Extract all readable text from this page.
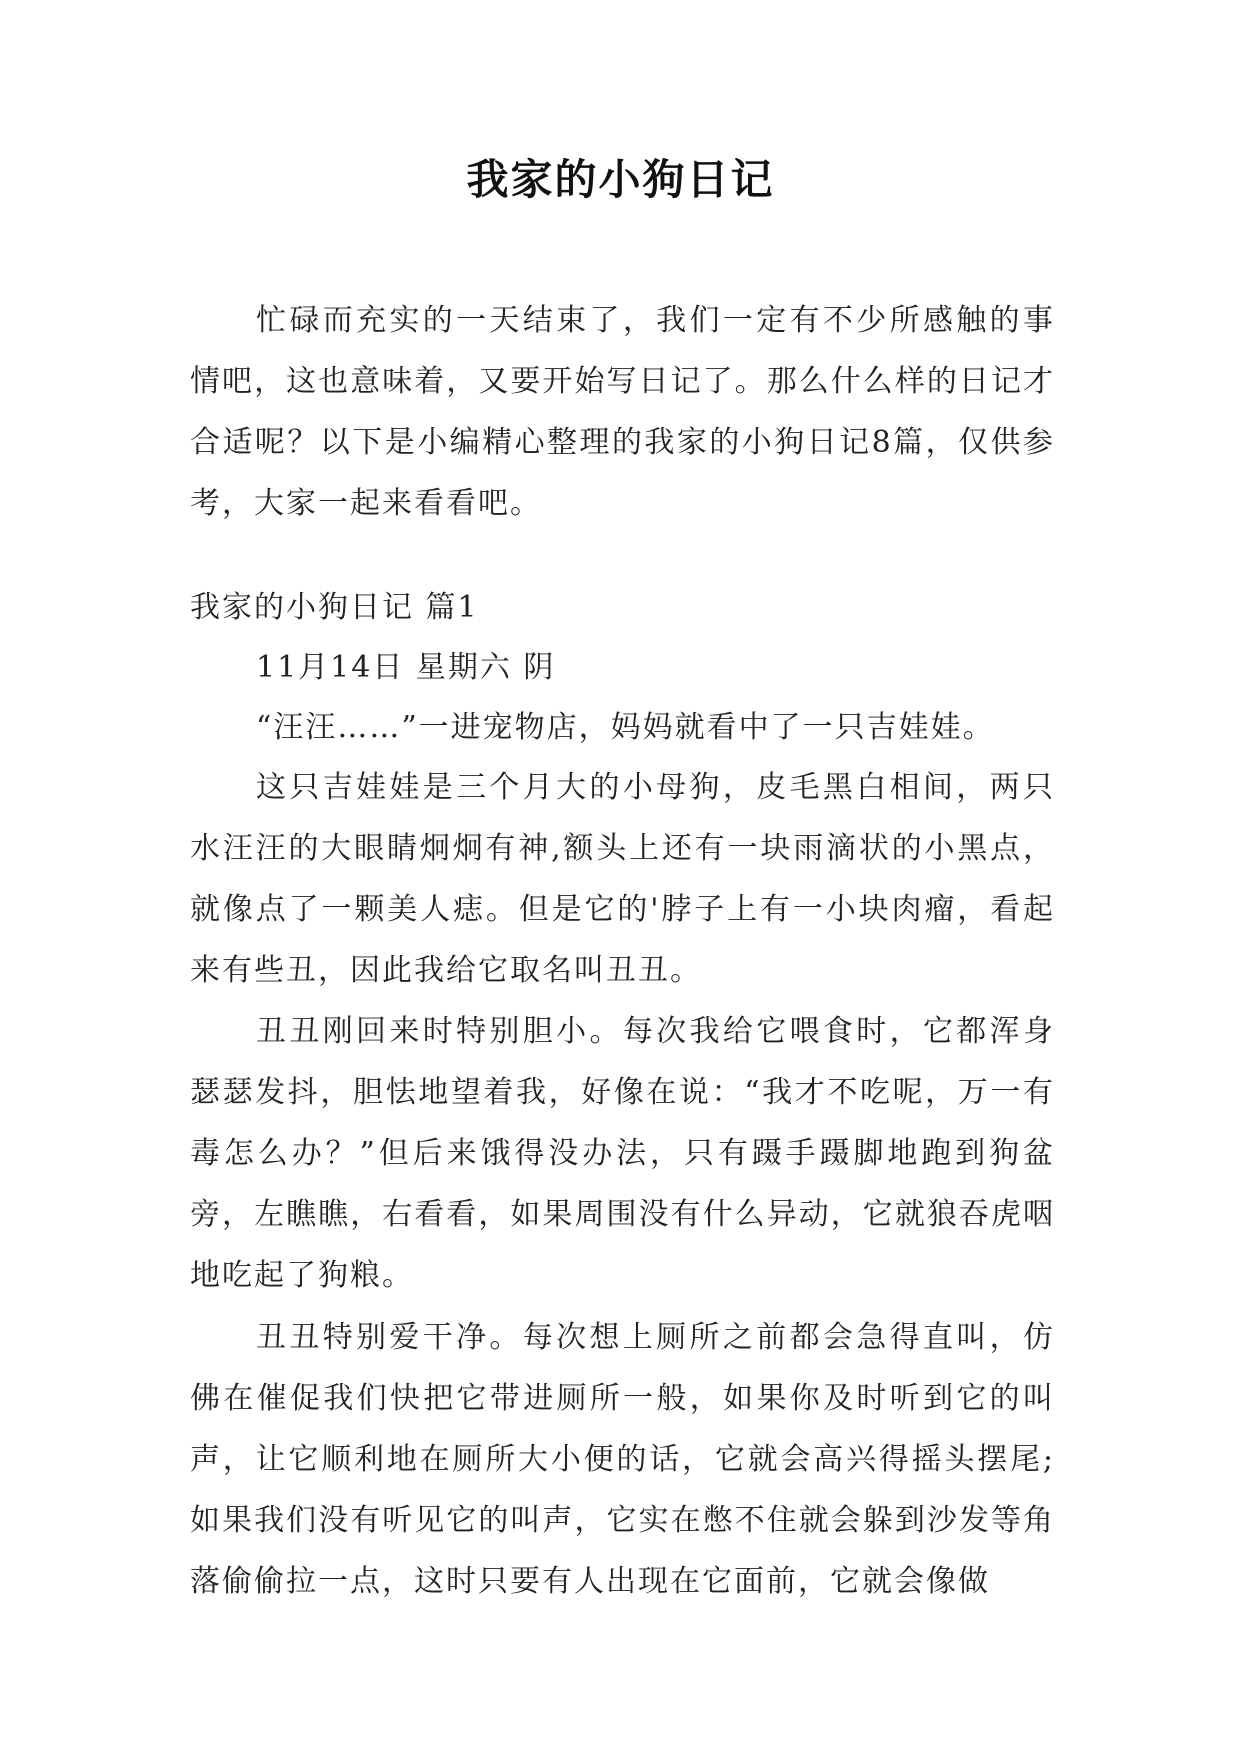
我家的小狗日记

忙碌而充实的一天结束了，我们一定有不少所感触的事情吧，这也意味着，又要开始写日记了。那么什么样的日记才合适呢？以下是小编精心整理的我家的小狗日记8篇，仅供参考，大家一起来看看吧。

我家的小狗日记 篇1
11月14日 星期六 阴

“汪汪……”一进宠物店，妈妈就看中了一只吉娃娃。

这只吉娃娃是三个月大的小母狗，皮毛黑白相间，两只水汪汪的大眼睛炯炯有神,额头上还有一块雨滴状的小黑点，就像点了一颗美人痣。但是它的'脖子上有一小块肉瘤，看起来有些丑，因此我给它取名叫丑丑。

丑丑刚回来时特别胆小。每次我给它喂食时，它都浑身瑟瑟发抖，胆怯地望着我，好像在说：“我才不吃呢，万一有毒怎么办？”但后来饿得没办法，只有蹑手蹑脚地跑到狗盆旁，左瞧瞧，右看看，如果周围没有什么异动，它就狼吞虎咽地吃起了狗粮。

丑丑特别爱干净。每次想上厕所之前都会急得直叫，仿佛在催促我们快把它带进厕所一般，如果你及时听到它的叫声，让它顺利地在厕所大小便的话，它就会高兴得摇头摆尾;如果我们没有听见它的叫声，它实在憋不住就会躲到沙发等角落偷偷拉一点，这时只要有人出现在它面前，它就会像做
